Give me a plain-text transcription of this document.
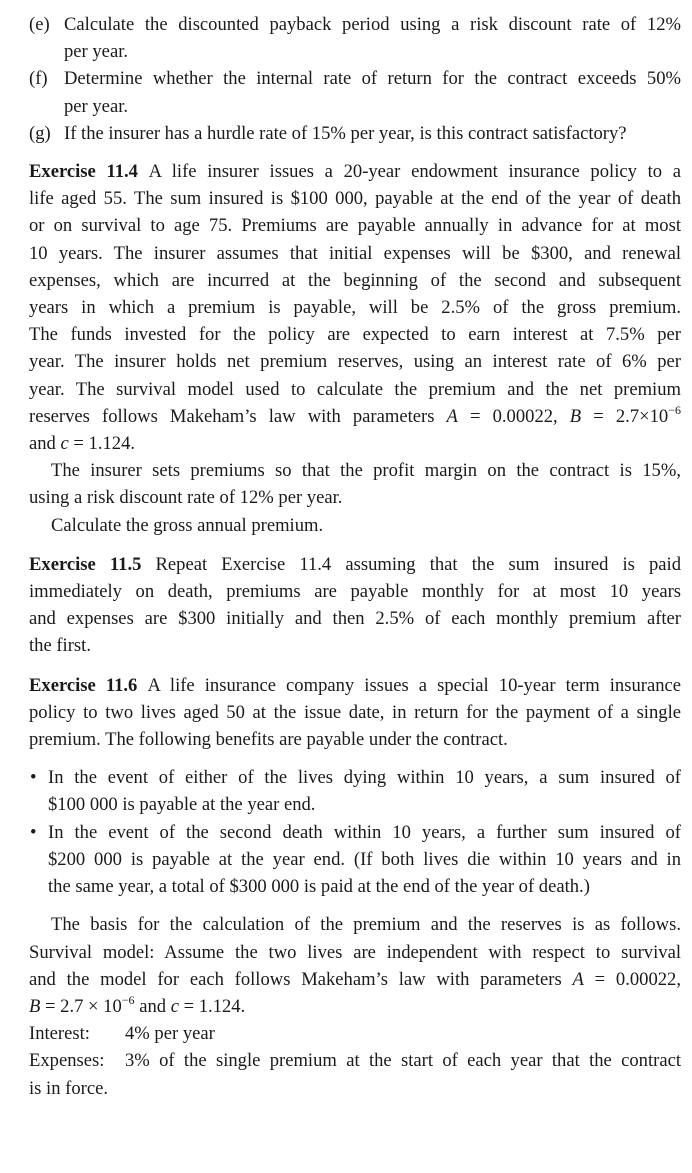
(e) Calculate the discounted payback period using a risk discount rate of 12%
per year.
(f) Determine whether the internal rate of return for the contract exceeds 50%
per year.
(g) If the insurer has a hurdle rate of 15% per year, is this contract satisfactory?
Exercise 11.4 A life insurer issues a 20-year endowment insurance policy to a
life aged 55. The sum insured is $100 000, payable at the end of the year of death
or on survival to age 75. Premiums are payable annually in advance for at most
10 years. The insurer assumes that initial expenses will be $300, and renewal
expenses, which are incurred at the beginning of the second and subsequent
years in which a premium is payable, will be 2.5% of the gross premium.
The funds invested for the policy are expected to earn interest at 7.5% per
year. The insurer holds net premium reserves, using an interest rate of 6% per
year. The survival model used to calculate the premium and the net premium
reserves follows Makeham’s law with parameters A = 0.00022, $B = 2.7\times 10^{-6}$
and c = 1.124.
The insurer sets premiums so that the profit margin on the contract is 15%,
using a risk discount rate of 12% per year.
Calculate the gross annual premium.
Exercise 11.5 Repeat Exercise 11.4 assuming that the sum insured is paid
immediately on death, premiums are payable monthly for at most 10 years
and expenses are $300 initially and then 2.5% of each monthly premium after
the first.
Exercise 11.6 A life insurance company issues a special 10-year term insurance
policy to two lives aged 50 at the issue date, in return for the payment of a single
premium. The following benefits are payable under the contract.
• In the event of either of the lives dying within 10 years, a sum insured of
$100 000 is payable at the year end.
• In the event of the second death within 10 years, a further sum insured of
$200 000 is payable at the year end. (If both lives die within 10 years and in
the same year, a total of $300 000 is paid at the end of the year of death.)
The basis for the calculation of the premium and the reserves is as follows.
Survival model: Assume the two lives are independent with respect to survival
and the model for each follows Makeham’s law with parameters A = 0.00022,
$B = 2.7 \times 10^{-6}$ and c = 1.124.
Interest:	4% per year
Expenses:	3% of the single premium at the start of each year that the contract
is in force.
